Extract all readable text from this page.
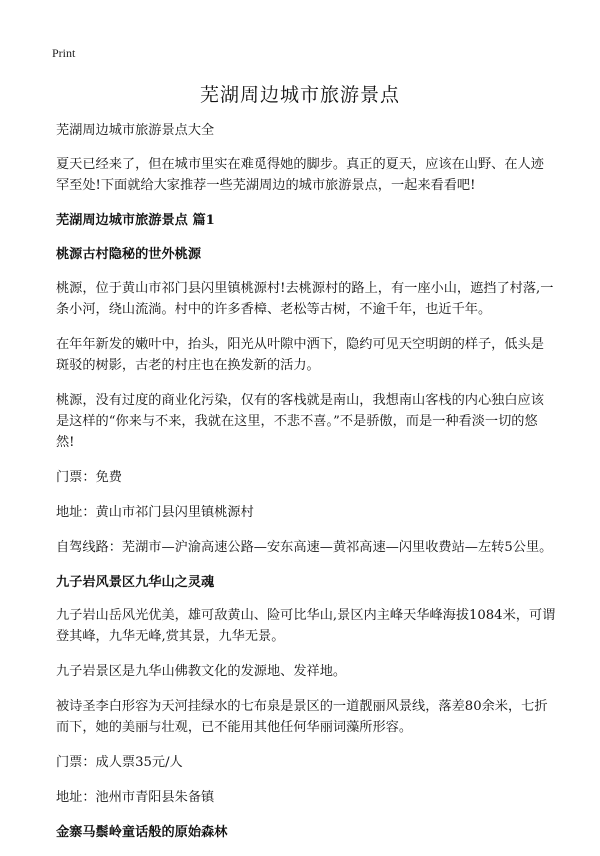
Print
芜湖周边城市旅游景点

芜湖周边城市旅游景点大全

夏天已经来了，但在城市里实在难觅得她的脚步。真正的夏天，应该在山野、在人迹罕至处!下面就给大家推荐一些芜湖周边的城市旅游景点，一起来看看吧!

芜湖周边城市旅游景点 篇1

桃源古村隐秘的世外桃源

桃源，位于黄山市祁门县闪里镇桃源村!去桃源村的路上，有一座小山，遮挡了村落,一条小河，绕山流淌。村中的许多香樟、老松等古树，不逾千年，也近千年。

在年年新发的嫩叶中，抬头，阳光从叶隙中洒下，隐约可见天空明朗的样子，低头是斑驳的树影，古老的村庄也在换发新的活力。

桃源，没有过度的商业化污染，仅有的客栈就是南山，我想南山客栈的内心独白应该是这样的“你来与不来，我就在这里，不悲不喜。”不是骄傲，而是一种看淡一切的悠然!

门票：免费

地址：黄山市祁门县闪里镇桃源村

自驾线路：芜湖市—沪渝高速公路—安东高速—黄祁高速—闪里收费站—左转5公里。

九子岩风景区九华山之灵魂

九子岩山岳风光优美，雄可敌黄山、险可比华山,景区内主峰天华峰海拔1084米，可谓登其峰，九华无峰,赏其景，九华无景。

九子岩景区是九华山佛教文化的发源地、发祥地。

被诗圣李白形容为天河挂绿水的七布泉是景区的一道靓丽风景线，落差80余米，七折而下，她的美丽与壮观，已不能用其他任何华丽词藻所形容。

门票：成人票35元/人

地址：池州市青阳县朱备镇

金寨马鬃岭童话般的原始森林
